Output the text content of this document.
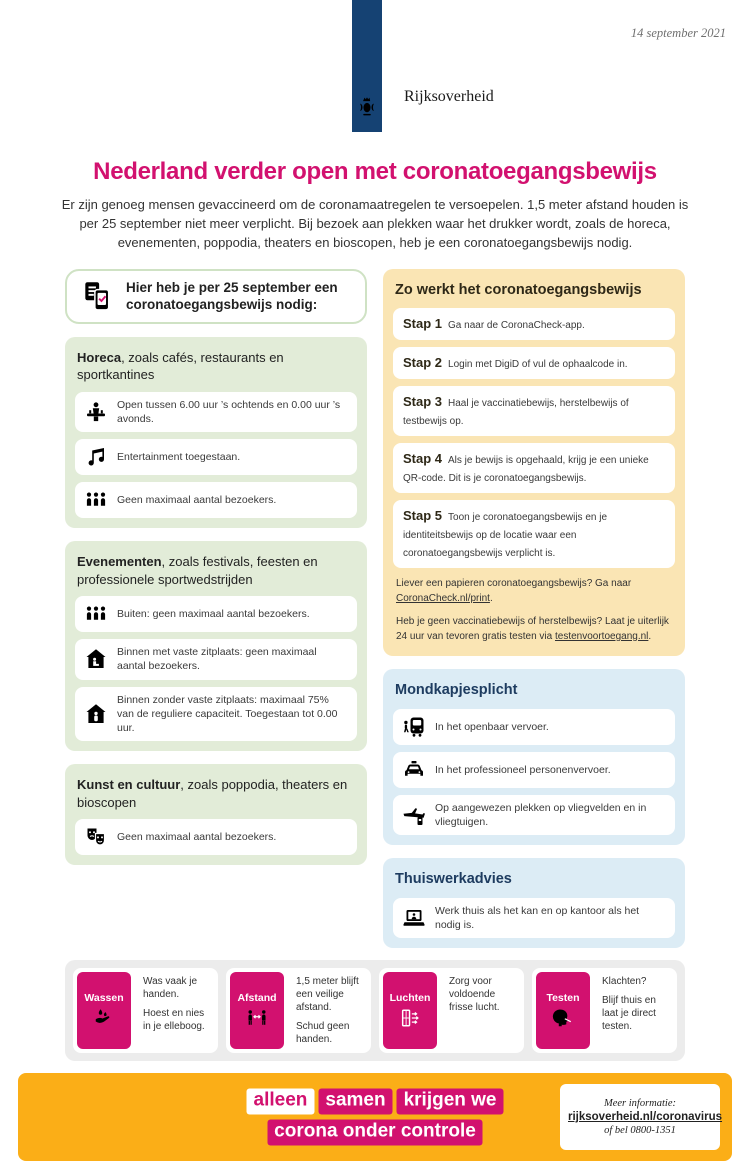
14 september 2021
Rijksoverheid
Nederland verder open met coronatoegangsbewijs

Er zijn genoeg mensen gevaccineerd om de coronamaatregelen te versoepelen. 1,5 meter afstand houden is per 25 september niet meer verplicht. Bij bezoek aan plekken waar het drukker wordt, zoals de horeca, evenementen, poppodia, theaters en bioscopen, heb je een coronatoegangsbewijs nodig.

Hier heb je per 25 september een coronatoegangsbewijs nodig:

Horeca, zoals cafés, restaurants en sportkantines

Open tussen 6.00 uur ’s ochtends en 0.00 uur ’s avonds.

Entertainment toegestaan.

Geen maximaal aantal bezoekers.

Evenementen, zoals festivals, feesten en professionele sportwedstrijden

Buiten: geen maximaal aantal bezoekers.

Binnen met vaste zitplaats: geen maximaal aantal bezoekers.

Binnen zonder vaste zitplaats: maximaal 75% van de reguliere capaciteit. Toegestaan tot 0.00 uur.

Kunst en cultuur, zoals poppodia, theaters en bioscopen

Geen maximaal aantal bezoekers.

Zo werkt het coronatoegangsbewijs
Stap 1 Ga naar de CoronaCheck-app.
Stap 2 Login met DigiD of vul de ophaalcode in.
Stap 3 Haal je vaccinatiebewijs, herstelbewijs of testbewijs op.
Stap 4 Als je bewijs is opgehaald, krijg je een unieke QR-code. Dit is je coronatoegangsbewijs.
Stap 5 Toon je coronatoegangsbewijs en je identiteitsbewijs op de locatie waar een coronatoegangsbewijs verplicht is.

Liever een papieren coronatoegangsbewijs? Ga naar CoronaCheck.nl/print.

Heb je geen vaccinatiebewijs of herstelbewijs? Laat je uiterlijk 24 uur van tevoren gratis testen via testenvoortoegang.nl.

Mondkapjesplicht

In het openbaar vervoer.

In het professioneel personenvervoer.

Op aangewezen plekken op vliegvelden en in vliegtuigen.

Thuiswerkadvies

Werk thuis als het kan en op kantoor als het nodig is.

Wassen

Was vaak je handen.

Hoest en nies in je elleboog.

Afstand

1,5 meter blijft een veilige afstand.

Schud geen handen.

Luchten

Zorg voor voldoende frisse lucht.

Testen

Klachten?

Blijf thuis en laat je direct testen.

alleen samen krijgen we
corona onder controle

Meer informatie:

rijksoverheid.nl/coronavirus

of bel 0800-1351
